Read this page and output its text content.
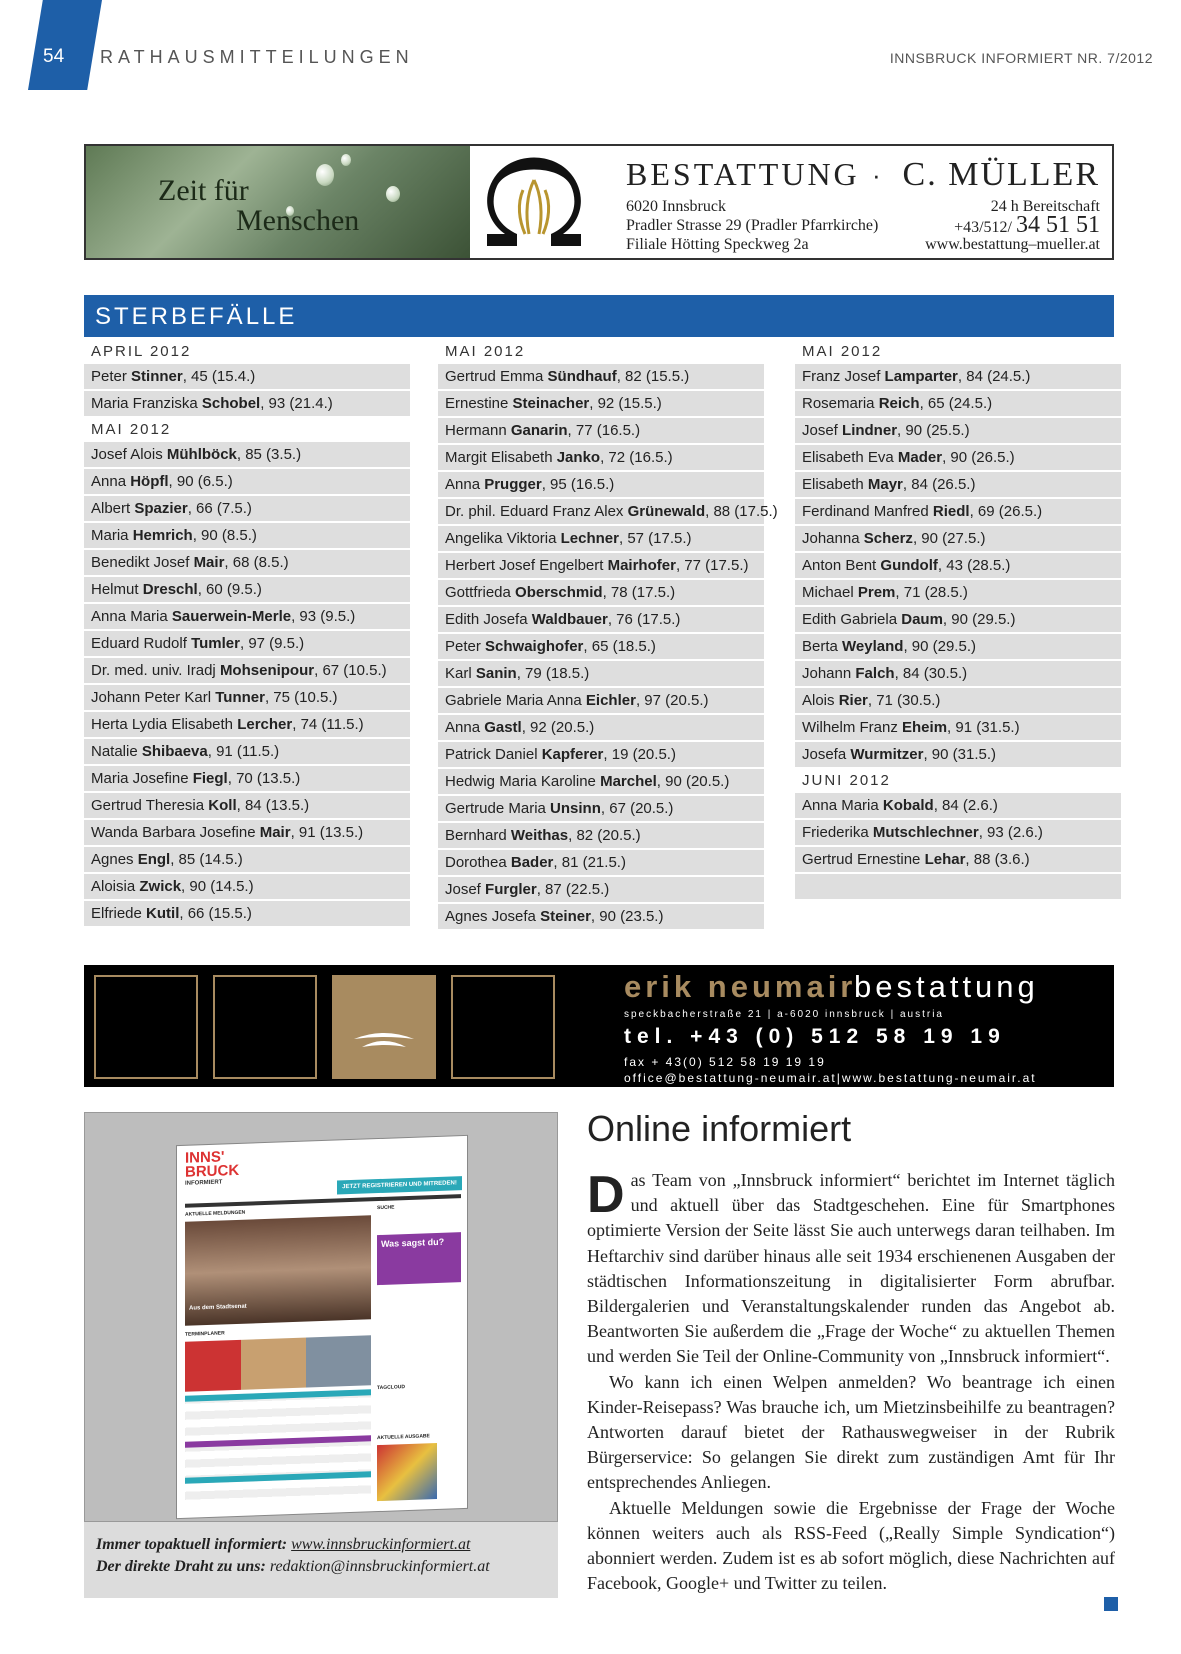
54 RATHAUSMITTEILUNGEN	INNSBRUCK INFORMIERT NR. 7/2012
Zeit für
Menschen
BESTATTUNG · C. MÜLLER
6020 Innsbruck
Pradler Strasse 29 (Pradler Pfarrkirche)
Filiale Hötting Speckweg 2a
24 h Bereitschaft
+43/512/ 34 51 51
www.bestattung–mueller.at
STERBEFÄLLE
APRIL 2012
Peter Stinner, 45 (15.4.)
Maria Franziska Schobel, 93 (21.4.)
MAI 2012
Josef Alois Mühlböck, 85 (3.5.)
Anna Höpfl, 90 (6.5.)
Albert Spazier, 66 (7.5.)
Maria Hemrich, 90 (8.5.)
Benedikt Josef Mair, 68 (8.5.)
Helmut Dreschl, 60 (9.5.)
Anna Maria Sauerwein-Merle, 93 (9.5.)
Eduard Rudolf Tumler, 97 (9.5.)
Dr. med. univ. Iradj Mohsenipour, 67 (10.5.)
Johann Peter Karl Tunner, 75 (10.5.)
Herta Lydia Elisabeth Lercher, 74 (11.5.)
Natalie Shibaeva, 91 (11.5.)
Maria Josefine Fiegl, 70 (13.5.)
Gertrud Theresia Koll, 84 (13.5.)
Wanda Barbara Josefine Mair, 91 (13.5.)
Agnes Engl, 85 (14.5.)
Aloisia Zwick, 90 (14.5.)
Elfriede Kutil, 66 (15.5.)
MAI 2012
Gertrud Emma Sündhauf, 82 (15.5.)
Ernestine Steinacher, 92 (15.5.)
Hermann Ganarin, 77 (16.5.)
Margit Elisabeth Janko, 72 (16.5.)
Anna Prugger, 95 (16.5.)
Dr. phil. Eduard Franz Alex Grünewald, 88 (17.5.)
Angelika Viktoria Lechner, 57 (17.5.)
Herbert Josef Engelbert Mairhofer, 77 (17.5.)
Gottfrieda Oberschmid, 78 (17.5.)
Edith Josefa Waldbauer, 76 (17.5.)
Peter Schwaighofer, 65 (18.5.)
Karl Sanin, 79 (18.5.)
Gabriele Maria Anna Eichler, 97 (20.5.)
Anna Gastl, 92 (20.5.)
Patrick Daniel Kapferer, 19 (20.5.)
Hedwig Maria Karoline Marchel, 90 (20.5.)
Gertrude Maria Unsinn, 67 (20.5.)
Bernhard Weithas, 82 (20.5.)
Dorothea Bader, 81 (21.5.)
Josef Furgler, 87 (22.5.)
Agnes Josefa Steiner, 90 (23.5.)
MAI 2012
Franz Josef Lamparter, 84 (24.5.)
Rosemaria Reich, 65 (24.5.)
Josef Lindner, 90 (25.5.)
Elisabeth Eva Mader, 90 (26.5.)
Elisabeth Mayr, 84 (26.5.)
Ferdinand Manfred Riedl, 69 (26.5.)
Johanna Scherz, 90 (27.5.)
Anton Bent Gundolf, 43 (28.5.)
Michael Prem, 71 (28.5.)
Edith Gabriela Daum, 90 (29.5.)
Berta Weyland, 90 (29.5.)
Johann Falch, 84 (30.5.)
Alois Rier, 71 (30.5.)
Wilhelm Franz Eheim, 91 (31.5.)
Josefa Wurmitzer, 90 (31.5.)
JUNI 2012
Anna Maria Kobald, 84 (2.6.)
Friederika Mutschlechner, 93 (2.6.)
Gertrud Ernestine Lehar, 88 (3.6.)
erik neumair
bestattung
speckbacherstraße 21 | a-6020 innsbruck | austria
tel. +43 (0) 512 58 19 19
fax + 43(0) 512 58 19 19 19
office@bestattung-neumair.at|www.bestattung-neumair.at
INNS'
BRUCK
INFORMIERT	JETZT REGISTRIEREN UND MITREDEN!
AKTUELLE MELDUNGEN
Aus dem Stadtsenat
SUCHE
Was sagst du?
TERMINPLANER
TAGCLOUD
AKTUELLE AUSGABE
Immer topaktuell informiert: www.innsbruckinformiert.at
Der direkte Draht zu uns: redaktion@innsbruckinformiert.at
Online informiert

Das Team von „Innsbruck informiert“ berichtet im Internet täglich und aktuell über das Stadtgeschehen. Eine für Smartphones optimierte Version der Seite lässt Sie auch unterwegs daran teilhaben. Im Heftarchiv sind darüber hinaus alle seit 1934 erschienenen Ausgaben der städtischen Informationszeitung in digitalisierter Form abrufbar. Bildergalerien und Veranstaltungskalender runden das Angebot ab. Beantworten Sie außerdem die „Frage der Woche“ zu aktuellen Themen und werden Sie Teil der Online-Community von „Innsbruck informiert“.

Wo kann ich einen Welpen anmelden? Wo beantrage ich einen Kinder-Reisepass? Was brauche ich, um Mietzinsbeihilfe zu beantragen? Antworten darauf bietet der Rathauswegweiser in der Rubrik Bürgerservice: So gelangen Sie direkt zum zuständigen Amt für Ihr entsprechendes Anliegen.

Aktuelle Meldungen sowie die Ergebnisse der Frage der Woche können weiters auch als RSS-Feed („Really Simple Syndication“) abonniert werden. Zudem ist es ab sofort möglich, diese Nachrichten auf Facebook, Google+ und Twitter zu teilen.
